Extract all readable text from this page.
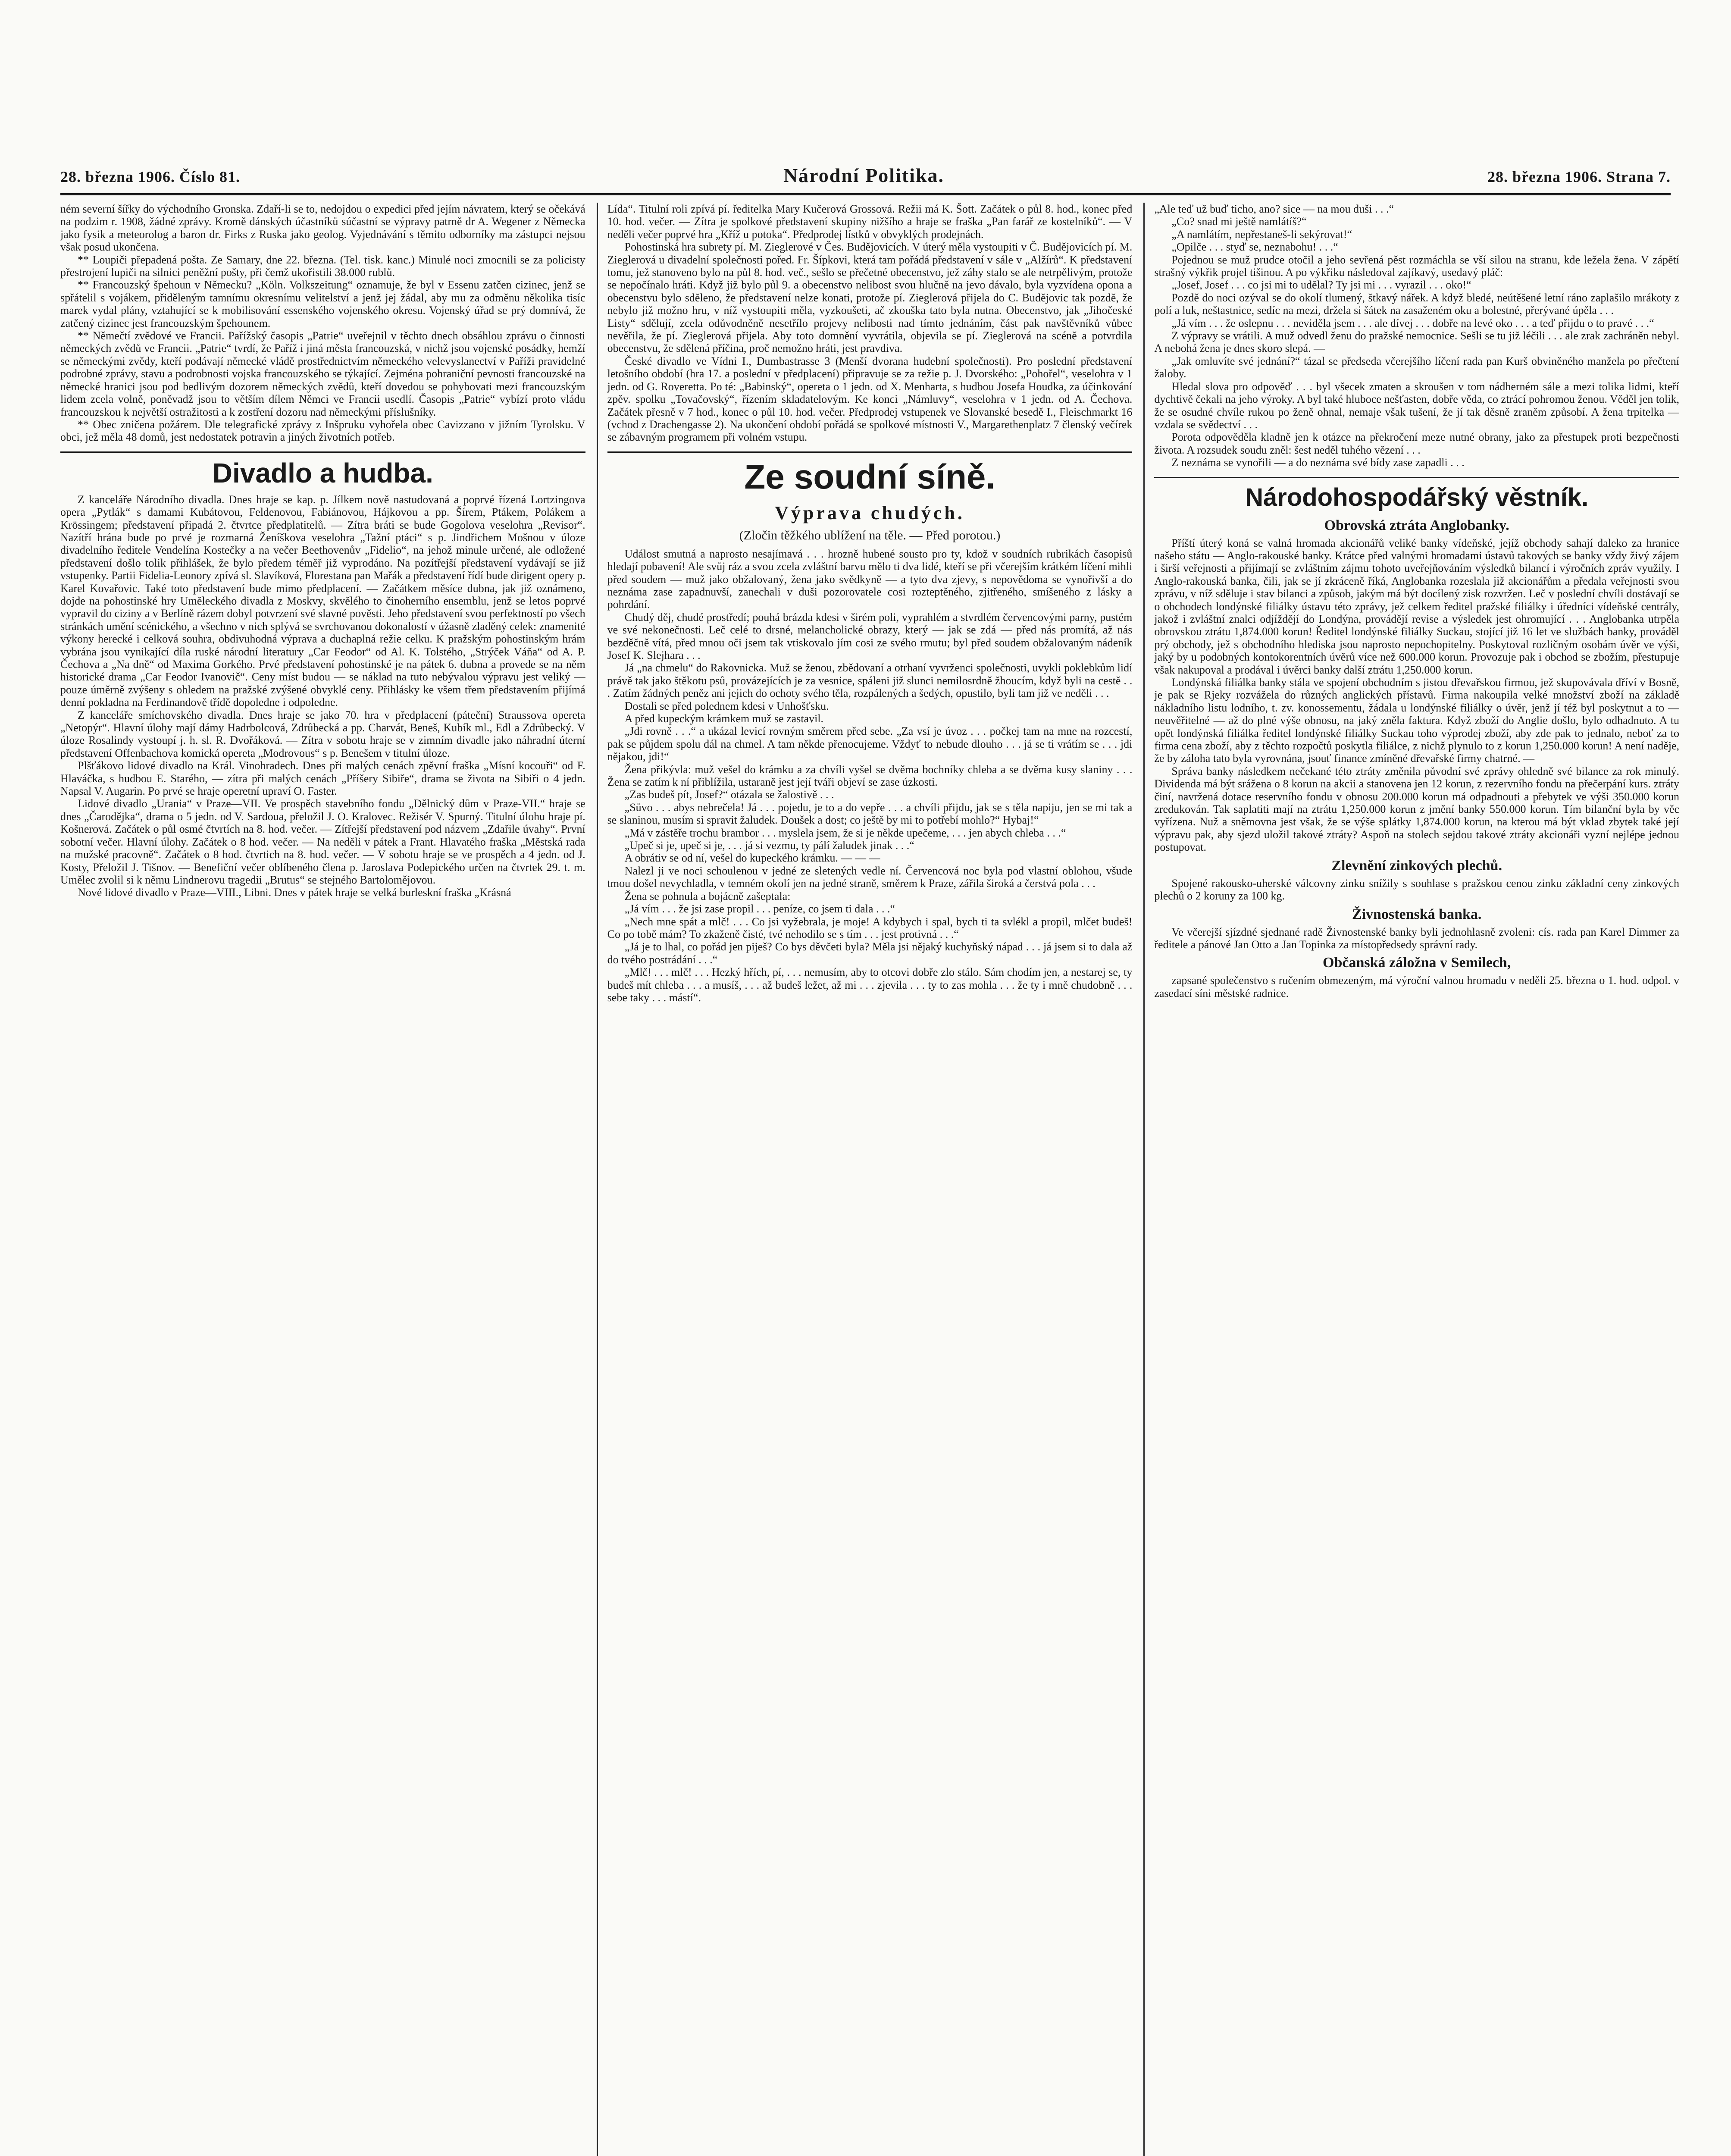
28. března 1906. Číslo 81.	Národní Politika.	28. března 1906. Strana 7.

ném severní šířky do východního Gronska. Zdaří-li se to, nedojdou o expedici před jejím návratem, který se očekává na podzim r. 1908, žádné zprávy. Kromě dánských účastníků súčastní se výpravy patrně dr A. Wegener z Německa jako fysik a meteorolog a baron dr. Firks z Ruska jako geolog. Vyjednávání s těmito odborníky ma zástupci nejsou však posud ukončena.

** Loupiči přepadená pošta. Ze Samary, dne 22. března. (Tel. tisk. kanc.) Minulé noci zmocnili se za policisty přestrojení lupiči na silnici peněžní pošty, při čemž ukořistili 38.000 rublů.

** Francouzský špehoun v Německu? „Köln. Volkszeitung“ oznamuje, že byl v Essenu zatčen cizinec, jenž se spřátelil s vojákem, přiděleným tamnímu okresnímu velitelství a jenž jej žádal, aby mu za odměnu několika tisíc marek vydal plány, vztahující se k mobilisování essenského vojenského okresu. Vojenský úřad se prý domnívá, že zatčený cizinec jest francouzským špehounem.

** Němečtí zvědové ve Francii. Pařížský časopis „Patrie“ uveřejnil v těchto dnech obsáhlou zprávu o činnosti německých zvědů ve Francii. „Patrie“ tvrdí, že Paříž i jiná města francouzská, v nichž jsou vojenské posádky, hemží se německými zvědy, kteří podávají německé vládě prostřednictvím německého velevyslanectví v Paříži pravidelné podrobné zprávy, stavu a podrobnosti vojska francouzského se týkající. Zejména pohraniční pevnosti francouzské na německé hranici jsou pod bedlivým dozorem německých zvědů, kteří dovedou se pohybovati mezi francouzským lidem zcela volně, poněvadž jsou to větším dílem Němci ve Francii usedlí. Časopis „Patrie“ vybízí proto vládu francouzskou k největší ostražitosti a k zostření dozoru nad německými příslušníky.

** Obec zničena požárem. Dle telegrafické zprávy z Inšpruku vyhořela obec Cavizzano v jižním Tyrolsku. V obci, jež měla 48 domů, jest nedostatek potravin a jiných životních potřeb.

Divadlo a hudba.

Z kanceláře Národního divadla. Dnes hraje se kap. p. Jílkem nově nastudovaná a poprvé řízená Lortzingova opera „Pytlák“ s damami Kubátovou, Feldenovou, Fabiánovou, Hájkovou a pp. Šírem, Ptákem, Polákem a Krössingem; představení připadá 2. čtvrtce předplatitelů. — Zítra bráti se bude Gogolova veselohra „Revisor“. Nazítří hrána bude po prvé je rozmarná Ženíškova veselohra „Tažní ptáci“ s p. Jindřichem Mošnou v úloze divadelního ředitele Vendelína Kostečky a na večer Beethovenův „Fidelio“, na jehož minule určené, ale odložené představení došlo tolik přihlášek, že bylo předem téměř již vyprodáno. Na pozítřejší představení vydávají se již vstupenky. Partii Fidelia-Leonory zpívá sl. Slavíková, Florestana pan Mařák a představení řídí bude dirigent opery p. Karel Kovařovic. Také toto představení bude mimo předplacení. — Začátkem měsíce dubna, jak již oznámeno, dojde na pohostinské hry Uměleckého divadla z Moskvy, skvělého to činoherního ensemblu, jenž se letos poprvé vypravil do ciziny a v Berlíně rázem dobyl potvrzení své slavné pověsti. Jeho představení svou perfektností po všech stránkách umění scénického, a všechno v nich splývá se svrchovanou dokonalostí v úžasně zladěný celek: znamenité výkony herecké i celková souhra, obdivuhodná výprava a duchaplná režie celku. K pražským pohostinským hrám vybrána jsou vynikající díla ruské národní literatury „Car Feodor“ od Al. K. Tolstého, „Strýček Váňa“ od A. P. Čechova a „Na dně“ od Maxima Gorkého. Prvé představení pohostinské je na pátek 6. dubna a provede se na něm historické drama „Car Feodor Ivanovič“. Ceny míst budou — se náklad na tuto nebývalou výpravu jest veliký — pouze úměrně zvýšeny s ohledem na pražské zvýšené obvyklé ceny. Přihlásky ke všem třem představením přijímá denní pokladna na Ferdinandově třídě dopoledne i odpoledne.

Z kanceláře smíchovského divadla. Dnes hraje se jako 70. hra v předplacení (páteční) Straussova opereta „Netopýr“. Hlavní úlohy mají dámy Hadrbolcová, Zdrůbecká a pp. Charvát, Beneš, Kubík ml., Edl a Zdrůbecký. V úloze Rosalindy vystoupí j. h. sl. R. Dvořáková. — Zítra v sobotu hraje se v zimním divadle jako náhradní úterní představení Offenbachova komická opereta „Modrovous“ s p. Benešem v titulní úloze.

Plšťákovo lidové divadlo na Král. Vinohradech. Dnes při malých cenách zpěvní fraška „Mísní kocouři“ od F. Hlaváčka, s hudbou E. Starého, — zítra při malých cenách „Příšery Sibiře“, drama se života na Sibiři o 4 jedn. Napsal V. Augarin. Po prvé se hraje operetní upraví O. Faster.

Lidové divadlo „Urania“ v Praze—VII. Ve prospěch stavebního fondu „Dělnický dům v Praze-VII.“ hraje se dnes „Čarodějka“, drama o 5 jedn. od V. Sardoua, přeložil J. O. Kralovec. Režisér V. Spurný. Titulní úlohu hraje pí. Košnerová. Začátek o půl osmé čtvrtích na 8. hod. večer. — Zítřejší představení pod názvem „Zdařile úvahy“. První sobotní večer. Hlavní úlohy. Začátek o 8 hod. večer. — Na neděli v pátek a Frant. Hlavatého fraška „Městská rada na mužské pracovně“. Začátek o 8 hod. čtvrtich na 8. hod. večer. — V sobotu hraje se ve prospěch a 4 jedn. od J. Kosty, Přeložil J. Tišnov. — Benefiční večer oblíbeného člena p. Jaroslava Podepického určen na čtvrtek 29. t. m. Umělec zvolil si k němu Lindnerovu tragedii „Brutus“ se stejného Bartolomějovou.

Nové lidové divadlo v Praze—VIII., Libni. Dnes v pátek hraje se velká burleskní fraška „Krásná

Lída“. Titulní roli zpívá pí. ředitelka Mary Kučerová Grossová. Režii má K. Šott. Začátek o půl 8. hod., konec před 10. hod. večer. — Zítra je spolkové představení skupiny nižšího a hraje se fraška „Pan farář ze kostelníků“. — V neděli večer poprvé hra „Kříž u potoka“. Předprodej lístků v obvyklých prodejnách.

Pohostinská hra subrety pí. M. Zieglerové v Čes. Budějovicích. V úterý měla vystoupiti v Č. Budějovicích pí. M. Zieglerová u divadelní společnosti pořed. Fr. Šípkovi, která tam pořádá představení v sále v „Alžírů“. K představení tomu, jež stanoveno bylo na půl 8. hod. več., sešlo se přečetné obecenstvo, jež záhy stalo se ale netrpělivým, protože se nepočínalo hráti. Když již bylo půl 9. a obecenstvo nelibost svou hlučně na jevo dávalo, byla vyzvídena opona a obecenstvu bylo sděleno, že představení nelze konati, protože pí. Zieglerová přijela do C. Budějovic tak pozdě, že nebylo již možno hru, v níž vystoupiti měla, vyzkoušeti, ač zkouška tato byla nutna. Obecenstvo, jak „Jihočeské Listy“ sdělují, zcela odůvodněně nesetřílo projevy nelibosti nad tímto jednáním, část pak navštěvníků vůbec nevěřila, že pí. Zieglerová přijela. Aby toto domnění vyvrátila, objevila se pí. Zieglerová na scéně a potvrdila obecenstvu, že sdělená příčina, proč nemožno hráti, jest pravdiva.

České divadlo ve Vídni I., Dumbastrasse 3 (Menší dvorana hudební společnosti). Pro poslední představení letošního období (hra 17. a poslední v předplacení) připravuje se za režie p. J. Dvorského: „Pohořel“, veselohra v 1 jedn. od G. Roveretta. Po té: „Babinský“, opereta o 1 jedn. od X. Menharta, s hudbou Josefa Houdka, za účinkování zpěv. spolku „Tovačovský“, řízením skladatelovým. Ke konci „Námluvy“, veselohra v 1 jedn. od A. Čechova. Začátek přesně v 7 hod., konec o půl 10. hod. večer. Předprodej vstupenek ve Slovanské besedě I., Fleischmarkt 16 (vchod z Drachengasse 2). Na ukončení období pořádá se spolkové místnosti V., Margarethenplatz 7 členský večírek se zábavným programem při volném vstupu.

Ze soudní síně.
Výprava chudých.
(Zločin těžkého ublížení na těle. — Před porotou.)

Událost smutná a naprosto nesajímavá . . . hrozně hubené sousto pro ty, kdož v soudních rubrikách časopisů hledají pobavení! Ale svůj ráz a svou zcela zvláštní barvu mělo ti dva lidé, kteří se při včerejším krátkém líčení mihli před soudem — muž jako obžalovaný, žena jako svědkyně — a tyto dva zjevy, s nepovědoma se vynořivší a do neznáma zase zapadnuvší, zanechali v duši pozorovatele cosi rozteptěného, zjitřeného, smíšeného z lásky a pohrdání.

Chudý děj, chudé prostředí; pouhá brázda kdesi v širém poli, vyprahlém a stvrdlém červencovými parny, pustém ve své nekonečnosti. Leč celé to drsné, melancholické obrazy, který — jak se zdá — před nás promítá, až nás bezděčně vítá, před mnou oči jsem tak vtiskovalo jím cosi ze svého rmutu; byl před soudem obžalovaným nádeník Josef K. Slejhara . . .

Já „na chmelu“ do Rakovnicka. Muž se ženou, zbědovaní a otrhaní vyvrženci společnosti, uvykli poklebkům lidí právě tak jako štěkotu psů, provázejících je za vesnice, spáleni již slunci nemilosrdně žhoucím, když byli na cestě . . . Zatím žádných peněz ani jejich do ochoty svého těla, rozpálených a šedých, opustilo, byli tam již ve neděli . . .

Dostali se před polednem kdesi v Unhošťsku.

A před kupeckým krámkem muž se zastavil.

„Jdi rovně . . .“ a ukázal levicí rovným směrem před sebe. „Za vsí je úvoz . . . počkej tam na mne na rozcestí, pak se půjdem spolu dál na chmel. A tam někde přenocujeme. Vždyť to nebude dlouho . . . já se ti vrátím se . . . jdi nějakou, jdi!“

Žena přikývla: muž vešel do krámku a za chvíli vyšel se dvěma bochníky chleba a se dvěma kusy slaniny . . . Žena se zatím k ní přiblížila, ustaraně jest její tváři objeví se zase úzkosti.

„Zas budeš pít, Josef?“ otázala se žalostivě . . .

„Sůvo . . . abys nebrečela! Já . . . pojedu, je to a do vepře . . . a chvíli přijdu, jak se s těla napiju, jen se mi tak a se slaninou, musím si spravit žaludek. Doušek a dost; co ještě by mi to potřebí mohlo?“ Hybaj!“

„Má v zástěře trochu brambor . . . myslela jsem, že si je někde upečeme, . . . jen abych chleba . . .“

„Upeč si je, upeč si je, . . . já si vezmu, ty pálí žaludek jinak . . .“

A obrátiv se od ní, vešel do kupeckého krámku. — — —

Nalezl ji ve noci schoulenou v jedné ze sletených vedle ní. Červencová noc byla pod vlastní oblohou, všude tmou došel nevychladla, v temném okolí jen na jedné straně, směrem k Praze, zářila široká a čerstvá pola . . .

Žena se pohnula a bojácně zašeptala:

„Já vím . . . že jsi zase propil . . . peníze, co jsem ti dala . . .“

„Nech mne spát a mlč! . . . Co jsi vyžebrala, je moje! A kdybych i spal, bych ti ta svlékl a propil, mlčet budeš! Co po tobě mám? To zkaženě čisté, tvé nehodilo se s tím . . . jest protivná . . .“

„Já je to lhal, co pořád jen piješ? Co bys děvčeti byla? Měla jsi nějaký kuchyňský nápad . . . já jsem si to dala až do tvého postrádání . . .“

„Mlč! . . . mlč! . . . Hezký hřích, pí, . . . nemusím, aby to otcovi dobře zlo stálo. Sám chodím jen, a nestarej se, ty budeš mít chleba . . . a musíš, . . . až budeš ležet, až mi . . . zjevila . . . ty to zas mohla . . . že ty i mně chudobně . . . sebe taky . . . mástí“.

„Ale teď už buď ticho, ano? sice — na mou duši . . .“

„Co? snad mi ještě namlátíš?“

„A namlátím, nepřestaneš-li sekýrovat!“

„Opilče . . . styď se, neznabohu! . . .“

Pojednou se muž prudce otočil a jeho sevřená pěst rozmáchla se vší silou na stranu, kde ležela žena. V zápětí strašný výkřik projel tišinou. A po výkřiku následoval zajíkavý, usedavý pláč:

„Josef, Josef . . . co jsi mi to udělal? Ty jsi mi . . . vyrazil . . . oko!“

Pozdě do noci ozýval se do okolí tlumený, štkavý nářek. A když bledé, neútěšené letní ráno zaplašilo mrákoty z polí a luk, neštastnice, sedíc na mezi, držela si šátek na zasaženém oku a bolestné, přerývané úpěla . . .

„Já vím . . . že oslepnu . . . neviděla jsem . . . ale dívej . . . dobře na levé oko . . . a teď přijdu o to pravé . . .“

Z výpravy se vrátili. A muž odvedl ženu do pražské nemocnice. Sešli se tu již léčili . . . ale zrak zachráněn nebyl. A nebohá žena je dnes skoro slepá. —

„Jak omluvíte své jednání?“ tázal se předseda včerejšího líčení rada pan Kurš obviněného manžela po přečtení žaloby.

Hledal slova pro odpověď . . . byl všecek zmaten a skroušen v tom nádherném sále a mezi tolika lidmi, kteří dychtivě čekali na jeho výroky. A byl také hluboce nešťasten, dobře věda, co ztrácí pohromou ženou. Věděl jen tolik, že se osudné chvíle rukou po ženě ohnal, nemaje však tušení, že jí tak děsně zraněm způsobí. A žena trpitelka — vzdala se svědectví . . .

Porota odpověděla kladně jen k otázce na překročení meze nutné obrany, jako za přestupek proti bezpečnosti života. A rozsudek soudu zněl: šest neděl tuhého vězení . . .

Z neznáma se vynořili — a do neznáma své bídy zase zapadli . . .

Národohospodářský věstník.
Obrovská ztráta Anglobanky.

Příští úterý koná se valná hromada akcionářů veliké banky vídeňské, jejíž obchody sahají daleko za hranice našeho státu — Anglo-rakouské banky. Krátce před valnými hromadami ústavů takových se banky vždy živý zájem i širší veřejnosti a přijímají se zvláštním zájmu tohoto uveřejňováním výsledků bilancí i výročních zpráv využily. I Anglo-rakouská banka, čili, jak se jí zkráceně říká, Anglobanka rozeslala již akcionářům a předala veřejnosti svou zprávu, v níž sděluje i stav bilanci a způsob, jakým má být docílený zisk rozvržen. Leč v poslední chvíli dostávají se o obchodech londýnské filiálky ústavu této zprávy, jež celkem ředitel pražské filiálky i úředníci vídeňské centrály, jakož i zvláštní znalci odjíždějí do Londýna, provádějí revise a výsledek jest ohromující . . . Anglobanka utrpěla obrovskou ztrátu 1,874.000 korun! Ředitel londýnské filiálky Suckau, stojící již 16 let ve službách banky, prováděl prý obchody, jež s obchodního hlediska jsou naprosto nepochopitelny. Poskytoval rozličným osobám úvěr ve výši, jaký by u podobných kontokorentních úvěrů více než 600.000 korun. Provozuje pak i obchod se zbožím, přestupuje však nakupoval a prodával i úvěrci banky další ztrátu 1,250.000 korun.

Londýnská filiálka banky stála ve spojení obchodním s jistou dřevařskou firmou, jež skupovávala dříví v Bosně, je pak se Rjeky rozvážela do různých anglických přístavů. Firma nakoupila velké množství zboží na základě nákladního listu lodního, t. zv. konossementu, žádala u londýnské filiálky o úvěr, jenž jí též byl poskytnut a to — neuvěřitelné — až do plné výše obnosu, na jaký zněla faktura. Když zboží do Anglie došlo, bylo odhadnuto. A tu opět londýnská filiálka ředitel londýnské filiálky Suckau toho výprodej zboží, aby zde pak to jednalo, neboť za to firma cena zboží, aby z těchto rozpočtů poskytla filiálce, z nichž plynulo to z korun 1,250.000 korun! A není naděje, že by záloha tato byla vyrovnána, jsouť finance zmíněné dřevařské firmy chatrné. —

Správa banky následkem nečekané této ztráty změnila původní své zprávy ohledně své bilance za rok minulý. Dividenda má být srážena o 8 korun na akcii a stanovena jen 12 korun, z rezervního fondu na přečerpání kurs. ztráty činí, navržená dotace reservního fondu v obnosu 200.000 korun má odpadnouti a přebytek ve výši 350.000 korun zredukován. Tak saplatiti mají na ztrátu 1,250.000 korun z jmění banky 550.000 korun. Tím bilanční byla by věc vyřízena. Nuž a sněmovna jest však, že se výše splátky 1,874.000 korun, na kterou má být vklad zbytek také její výpravu pak, aby sjezd uložil takové ztráty? Aspoň na stolech sejdou takové ztráty akcionáři vyzní nejlépe jednou postupovat.

Zlevnění zinkových plechů.

Spojené rakousko-uherské válcovny zinku snížily s souhlase s pražskou cenou zinku základní ceny zinkových plechů o 2 koruny za 100 kg.

Živnostenská banka.

Ve včerejší sjízdné sjednané radě Živnostenské banky byli jednohlasně zvoleni: cís. rada pan Karel Dimmer za ředitele a pánové Jan Otto a Jan Topinka za místopředsedy správní rady.

Občanská záložna v Semilech,

zapsané společenstvo s ručením obmezeným, má výroční valnou hromadu v neděli 25. března o 1. hod. odpol. v zasedací síni městské radnice.
